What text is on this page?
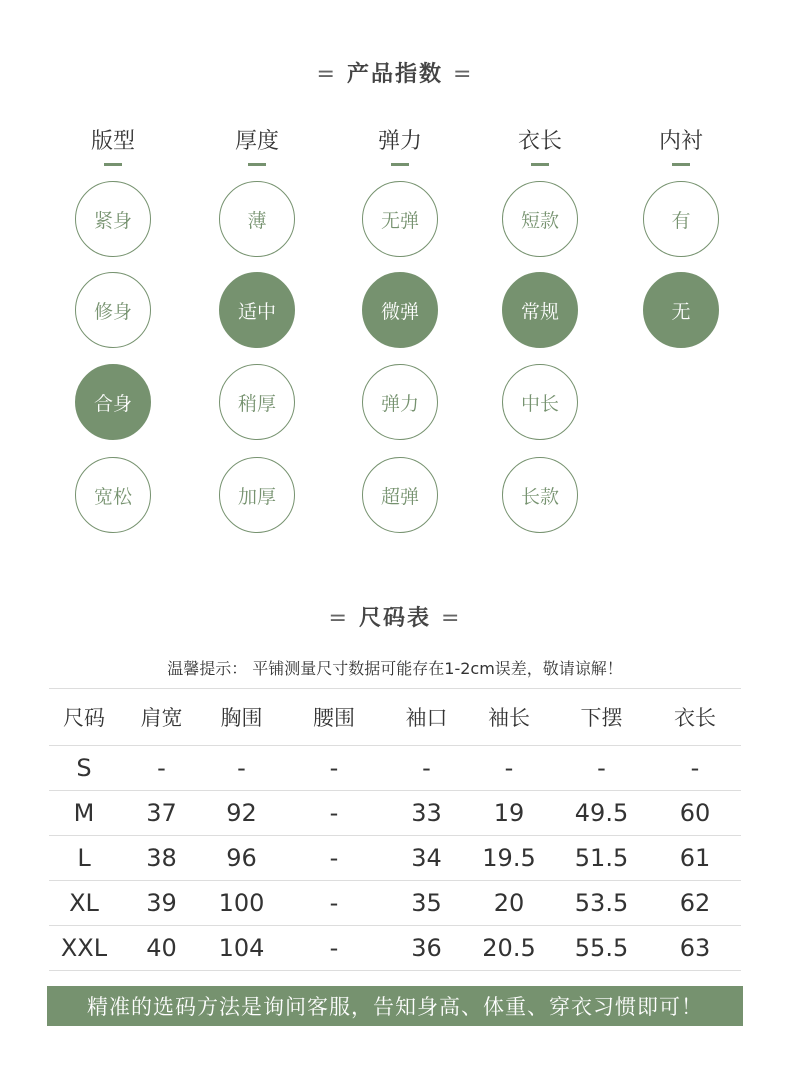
= 产品指数 =
版型
紧身
修身
合身
宽松
厚度
薄
适中
稍厚
加厚
弹力
无弹
微弹
弹力
超弹
衣长
短款
常规
中长
长款
内衬
有
无
= 尺码表 =
温馨提示： 平铺测量尺寸数据可能存在1-2cm误差，敬请谅解！
尺码	肩宽	胸围	腰围	袖口	袖长	下摆	衣长
S	-	-	-	-	-	-	-
M	37	92	-	33	19	49.5	60
L	38	96	-	34	19.5	51.5	61
XL	39	100	-	35	20	53.5	62
XXL	40	104	-	36	20.5	55.5	63
精准的选码方法是询问客服，告知身高、体重、穿衣习惯即可！
